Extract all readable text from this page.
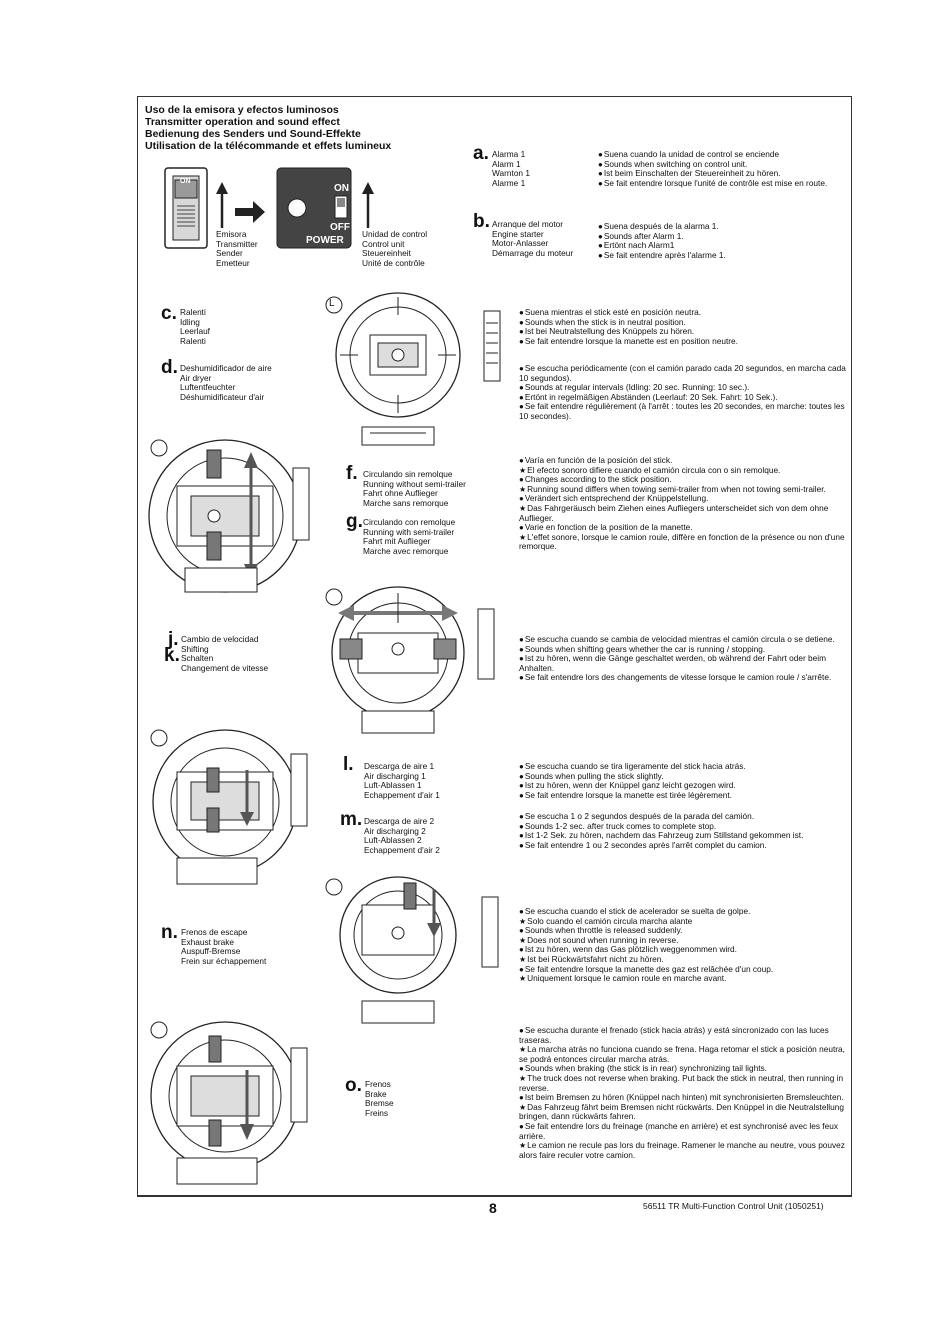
Uso de la emisora y efectos luminosos
Transmitter operation and sound effect
Bedienung des Senders und Sound-Effekte
Utilisation de la télécommande et effets lumineux
ON
ON
OFF
POWER
Emisora
Transmitter
Sender
Emetteur
Unidad de control
Control unit
Steuereinheit
Unité de contrôle
a. Alarma 1
Alarm 1
Warnton 1
Alarme 1
● Suena cuando la unidad de control se enciende
● Sounds when switching on control unit.
● Ist beim Einschalten der Steuereinheit zu hören.
● Se fait entendre lorsque l'unité de contrôle est mise en route.
b. Arranque del motor
Engine starter
Motor-Anlasser
Démarrage du moteur
● Suena después de la alarma 1.
● Sounds after Alarm 1.
● Ertönt nach Alarm1
● Se fait entendre après l'alarme 1.
c. Ralenti
Idling
Leerlauf
Ralenti
d. Deshumidificador de aire
Air dryer
Luftentfeuchter
Déshumidificateur d'air
● Suena mientras el stick esté en posición neutra.
● Sounds when the stick is in neutral position.
● Ist bei Neutralstellung des Knüppels zu hören.
● Se fait entendre lorsque la manette est en position neutre.
● Se escucha periódicamente (con el camión parado cada 20 segundos, en marcha cada 10 segundos).
● Sounds at regular intervals (Idling: 20 sec. Running: 10 sec.).
● Ertönt in regelmäßigen Abständen (Leerlauf: 20 Sek. Fahrt: 10 Sek.).
● Se fait entendre régulièrement (à l'arrêt : toutes les 20 secondes, en marche: toutes les 10 secondes).
L
f. Circulando sin remolque
Running without semi-trailer
Fahrt ohne Auflieger
Marche sans remorque
g. Circulando con remolque
Running with semi-trailer
Fahrt mit Auflieger
Marche avec remorque
● Varía en función de la posición del stick.
★ El efecto sonoro difiere cuando el camión circula con o sin remolque.
● Changes according to the stick position.
★ Running sound differs when towing semi-trailer from when not towing semi-trailer.
● Verändert sich entsprechend der Knüppelstellung.
★ Das Fahrgeräusch beim Ziehen eines Aufliegers unterscheidet sich von dem ohne Auflieger.
● Varie en fonction de la position de la manette.
★ L'effet sonore, lorsque le camion roule, diffère en fonction de la présence ou non d'une remorque.
j.
k.
Cambio de velocidad
Shifting
Schalten
Changement de vitesse
● Se escucha cuando se cambia de velocidad mientras el camión circula o se detiene.
● Sounds when shifting gears whether the car is running / stopping.
● Ist zu hören, wenn die Gänge geschaltet werden, ob während der Fahrt oder beim Anhalten.
● Se fait entendre lors des changements de vitesse lorsque le camion roule / s'arrête.
l. Descarga de aire 1
Air discharging 1
Luft-Ablassen 1
Echappement d'air 1
m. Descarga de aire 2
Air discharging 2
Luft-Ablassen 2
Echappement d'air 2
● Se escucha cuando se tira ligeramente del stick hacia atrás.
● Sounds when pulling the stick slightly.
● Ist zu hören, wenn der Knüppel ganz leicht gezogen wird.
● Se fait entendre lorsque la manette est tirée légèrement.
● Se escucha 1 o 2 segundos después de la parada del camión.
● Sounds 1-2 sec. after truck comes to complete stop.
● Ist 1-2 Sek. zu hören, nachdem das Fahrzeug zum Stillstand gekommen ist.
● Se fait entendre 1 ou 2 secondes après l'arrêt complet du camion.
n. Frenos de escape
Exhaust brake
Auspuff-Bremse
Frein sur échappement
● Se escucha cuando el stick de acelerador se suelta de golpe.
★ Solo cuando el camión circula marcha alante
● Sounds when throttle is released suddenly.
★ Does not sound when running in reverse.
● Ist zu hören, wenn das Gas plötzlich weggenommen wird.
★ Ist bei Rückwärtsfahrt nicht zu hören.
● Se fait entendre lorsque la manette des gaz est relâchée d'un coup.
★ Uniquement lorsque le camion roule en marche avant.
o. Frenos
Brake
Bremse
Freins
● Se escucha durante el frenado (stick hacia atrás) y está sincronizado con las luces traseras.
★ La marcha atrás no funciona cuando se frena. Haga retomar el stick a posición neutra, se podrá entonces circular marcha atrás.
● Sounds when braking (the stick is in rear) synchronizing tail lights.
★ The truck does not reverse when braking. Put back the stick in neutral, then running in reverse.
● Ist beim Bremsen zu hören (Knüppel nach hinten) mit synchronisierten Bremsleuchten.
★ Das Fahrzeug fährt beim Bremsen nicht rückwärts. Den Knüppel in die Neutralstellung bringen, dann rückwärts fahren.
● Se fait entendre lors du freinage (manche en arrière) et est synchronisé avec les feux arrière.
★ Le camion ne recule pas lors du freinage. Ramener le manche au neutre, vous pouvez alors faire reculer votre camion.
8	56511 TR Multi-Function Control Unit (1050251)
